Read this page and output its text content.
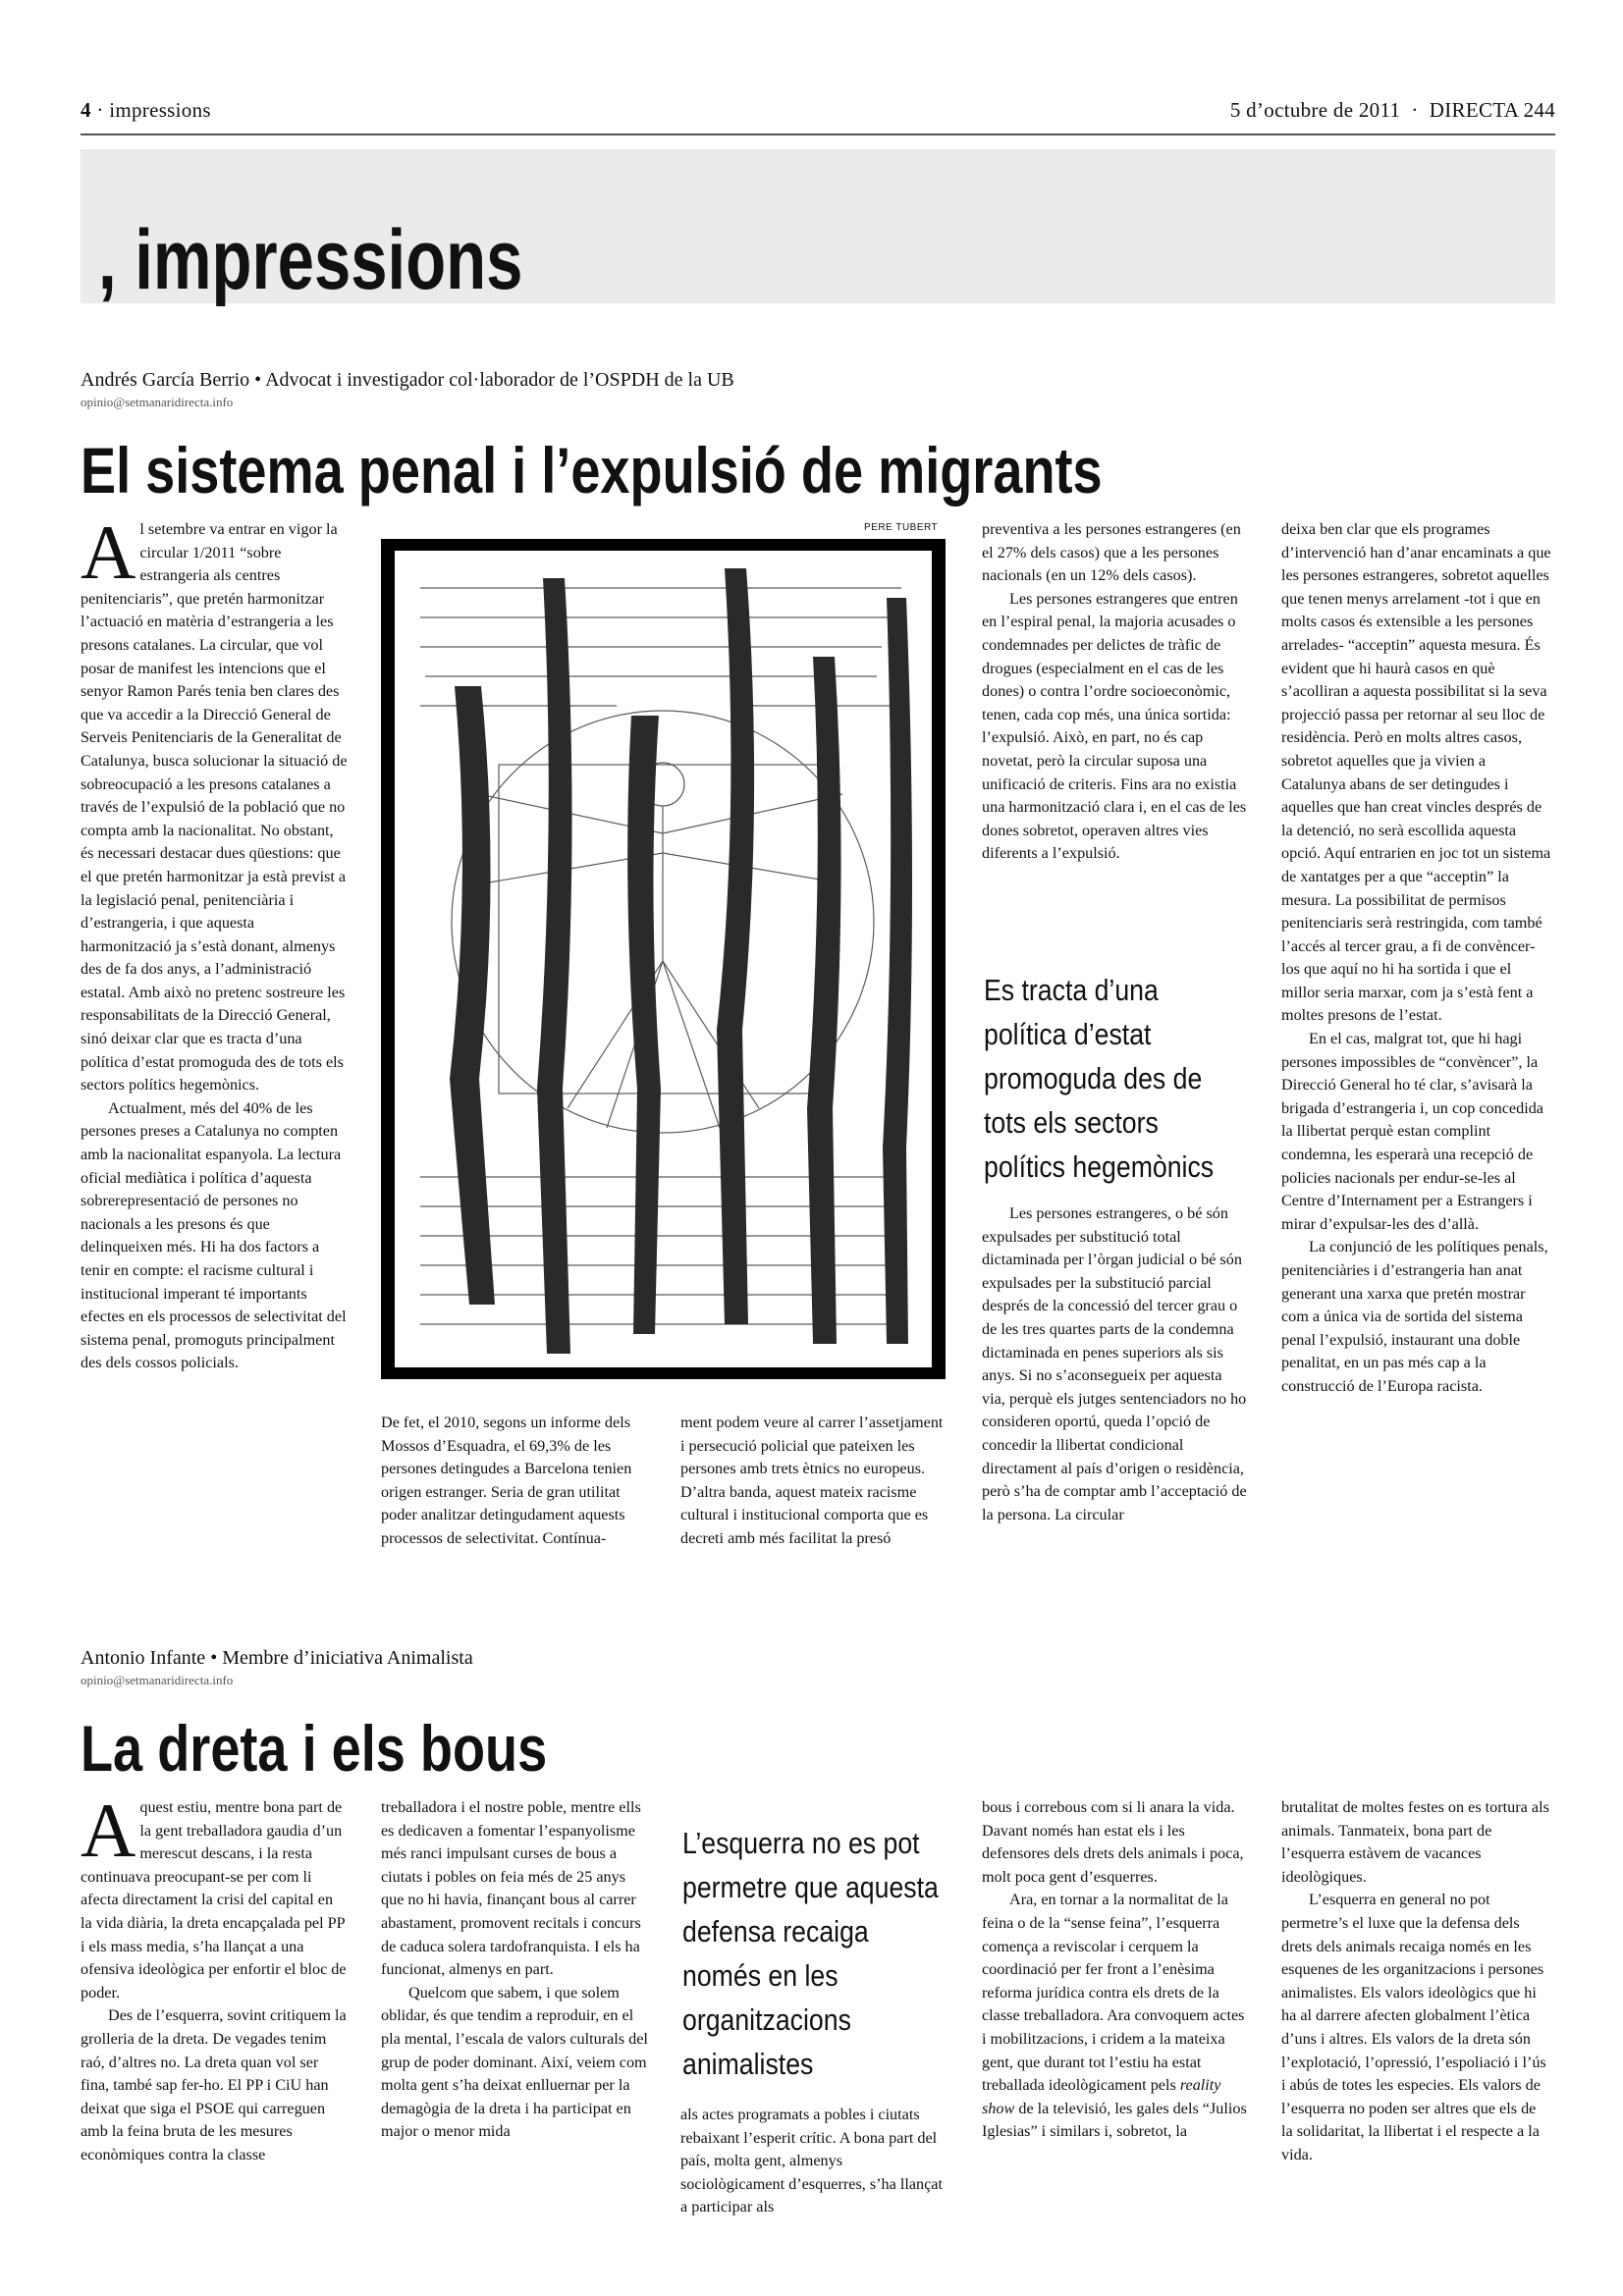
4 · impressions	5 d’octubre de 2011  ·  DIRECTA 244
, impressions
Andrés García Berrio • Advocat i investigador col·laborador de l’OSPDH de la UB
opinio@setmanaridirecta.info
El sistema penal i l’expulsió de migrants

Al setembre va entrar en vigor la circular 1/2011 “sobre estrangeria als centres penitenciaris”, que pretén harmonitzar l’actuació en matèria d’estrangeria a les presons catalanes. La circular, que vol posar de manifest les intencions que el senyor Ramon Parés tenia ben clares des que va accedir a la Direcció General de Serveis Penitenciaris de la Generalitat de Catalunya, busca solucionar la situació de sobreocupació a les presons catalanes a través de l’expulsió de la població que no compta amb la nacionalitat. No obstant, és necessari destacar dues qüestions: que el que pretén harmonitzar ja està previst a la legislació penal, penitenciària i d’estrangeria, i que aquesta harmonització ja s’està donant, almenys des de fa dos anys, a l’administració estatal. Amb això no pretenc sostreure les responsabilitats de la Direcció General, sinó deixar clar que es tracta d’una política d’estat promoguda des de tots els sectors polítics hegemònics.

Actualment, més del 40% de les persones preses a Catalunya no compten amb la nacionalitat espanyola. La lectura oficial mediàtica i política d’aquesta sobrerepresentació de persones no nacionals a les presons és que delinqueixen més. Hi ha dos factors a tenir en compte: el racisme cultural i institucional imperant té importants efectes en els processos de selectivitat del sistema penal, promoguts principalment des dels cossos policials.

PERE TUBERT

De fet, el 2010, segons un informe dels Mossos d’Esquadra, el 69,3% de les persones detingudes a Barcelona tenien origen estranger. Seria de gran utilitat poder analitzar detingudament aquests processos de selectivitat. Contínua-

ment podem veure al carrer l’assetjament i persecució policial que pateixen les persones amb trets ètnics no europeus. D’altra banda, aquest mateix racisme cultural i institucional comporta que es decreti amb més facilitat la presó

preventiva a les persones estrangeres (en el 27% dels casos) que a les persones nacionals (en un 12% dels casos).

Les persones estrangeres que entren en l’espiral penal, la majoria acusades o condemnades per delictes de tràfic de drogues (especialment en el cas de les dones) o contra l’ordre socioeconòmic, tenen, cada cop més, una única sortida: l’expulsió. Això, en part, no és cap novetat, però la circular suposa una unificació de criteris. Fins ara no existia una harmonització clara i, en el cas de les dones sobretot, operaven altres vies diferents a l’expulsió.

Es tracta d’una política d’estat promoguda des de tots els sectors polítics hegemònics

Les persones estrangeres, o bé són expulsades per substitució total dictaminada per l’òrgan judicial o bé són expulsades per la substitució parcial després de la concessió del tercer grau o de les tres quartes parts de la condemna dictaminada en penes superiors als sis anys. Si no s’aconsegueix per aquesta via, perquè els jutges sentenciadors no ho consideren oportú, queda l’opció de concedir la llibertat condicional directament al país d’origen o residència, però s’ha de comptar amb l’acceptació de la persona. La circular

deixa ben clar que els programes d’intervenció han d’anar encaminats a que les persones estrangeres, sobretot aquelles que tenen menys arrelament -tot i que en molts casos és extensible a les persones arrelades- “acceptin” aquesta mesura. És evident que hi haurà casos en què s’acolliran a aquesta possibilitat si la seva projecció passa per retornar al seu lloc de residència. Però en molts altres casos, sobretot aquelles que ja vivien a Catalunya abans de ser detingudes i aquelles que han creat vincles després de la detenció, no serà escollida aquesta opció. Aquí entrarien en joc tot un sistema de xantatges per a que “acceptin” la mesura. La possibilitat de permisos penitenciaris serà restringida, com també l’accés al tercer grau, a fi de convèncer-los que aquí no hi ha sortida i que el millor seria marxar, com ja s’està fent a moltes presons de l’estat.

En el cas, malgrat tot, que hi hagi persones impossibles de “convèncer”, la Direcció General ho té clar, s’avisarà la brigada d’estrangeria i, un cop concedida la llibertat perquè estan complint condemna, les esperarà una recepció de policies nacionals per endur-se-les al Centre d’Internament per a Estrangers i mirar d’expulsar-les des d’allà.

La conjunció de les polítiques penals, penitenciàries i d’estrangeria han anat generant una xarxa que pretén mostrar com a única via de sortida del sistema penal l’expulsió, instaurant una doble penalitat, en un pas més cap a la construcció de l’Europa racista.

Antonio Infante • Membre d’iniciativa Animalista
opinio@setmanaridirecta.info
La dreta i els bous

Aquest estiu, mentre bona part de la gent treballadora gaudia d’un merescut descans, i la resta continuava preocupant-se per com li afecta directament la crisi del capital en la vida diària, la dreta encapçalada pel PP i els mass media, s’ha llançat a una ofensiva ideològica per enfortir el bloc de poder.

Des de l’esquerra, sovint critiquem la grolleria de la dreta. De vegades tenim raó, d’altres no. La dreta quan vol ser fina, també sap fer-ho. El PP i CiU han deixat que siga el PSOE qui carreguen amb la feina bruta de les mesures econòmiques contra la classe

treballadora i el nostre poble, mentre ells es dedicaven a fomentar l’espanyolisme més ranci impulsant curses de bous a ciutats i pobles on feia més de 25 anys que no hi havia, finançant bous al carrer abastament, promovent recitals i concurs de caduca solera tardofranquista. I els ha funcionat, almenys en part.

Quelcom que sabem, i que solem oblidar, és que tendim a reproduir, en el pla mental, l’escala de valors culturals del grup de poder dominant. Així, veiem com molta gent s’ha deixat enlluernar per la demagògia de la dreta i ha participat en major o menor mida

L’esquerra no es pot permetre que aquesta defensa recaiga només en les organitzacions animalistes

als actes programats a pobles i ciutats rebaixant l’esperit crític. A bona part del país, molta gent, almenys sociològicament d’esquerres, s’ha llançat a participar als

bous i correbous com si li anara la vida. Davant només han estat els i les defensores dels drets dels animals i poca, molt poca gent d’esquerres.

Ara, en tornar a la normalitat de la feina o de la “sense feina”, l’esquerra comença a reviscolar i cerquem la coordinació per fer front a l’enèsima reforma jurídica contra els drets de la classe treballadora. Ara convoquem actes i mobilitzacions, i cridem a la mateixa gent, que durant tot l’estiu ha estat treballada ideològicament pels reality show de la televisió, les gales dels “Julios Iglesias” i similars i, sobretot, la

brutalitat de moltes festes on es tortura als animals. Tanmateix, bona part de l’esquerra estàvem de vacances ideològiques.

L’esquerra en general no pot permetre’s el luxe que la defensa dels drets dels animals recaiga només en les esquenes de les organitzacions i persones animalistes. Els valors ideològics que hi ha al darrere afecten globalment l’ètica d’uns i altres. Els valors de la dreta són l’explotació, l’opressió, l’espoliació i l’ús i abús de totes les especies. Els valors de l’esquerra no poden ser altres que els de la solidaritat, la llibertat i el respecte a la vida.
